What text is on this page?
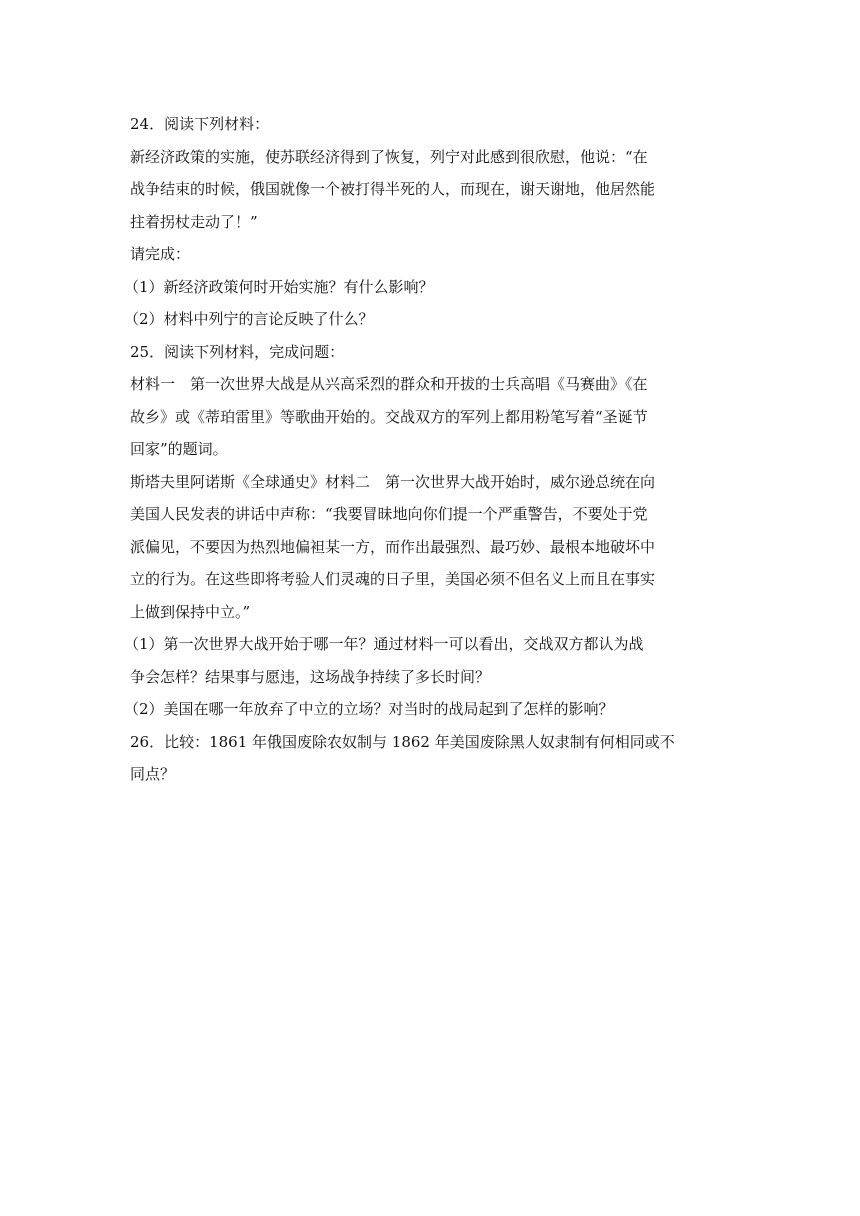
24．阅读下列材料：

新经济政策的实施，使苏联经济得到了恢复，列宁对此感到很欣慰，他说：“在

战争结束的时候，俄国就像一个被打得半死的人，而现在，谢天谢地，他居然能

拄着拐杖走动了！”

请完成：

（1）新经济政策何时开始实施？有什么影响？

（2）材料中列宁的言论反映了什么？

25．阅读下列材料，完成问题：

材料一　第一次世界大战是从兴高采烈的群众和开拔的士兵高唱《马赛曲》《在

故乡》或《蒂珀雷里》等歌曲开始的。交战双方的军列上都用粉笔写着“圣诞节

回家”的题词。

斯塔夫里阿诺斯《全球通史》材料二　第一次世界大战开始时，威尔逊总统在向

美国人民发表的讲话中声称：“我要冒昧地向你们提一个严重警告，不要处于党

派偏见，不要因为热烈地偏袒某一方，而作出最强烈、最巧妙、最根本地破坏中

立的行为。在这些即将考验人们灵魂的日子里，美国必须不但名义上而且在事实

上做到保持中立。”

（1）第一次世界大战开始于哪一年？通过材料一可以看出，交战双方都认为战

争会怎样？结果事与愿违，这场战争持续了多长时间？

（2）美国在哪一年放弃了中立的立场？对当时的战局起到了怎样的影响？

26．比较：1861 年俄国废除农奴制与 1862 年美国废除黑人奴隶制有何相同或不

同点？
